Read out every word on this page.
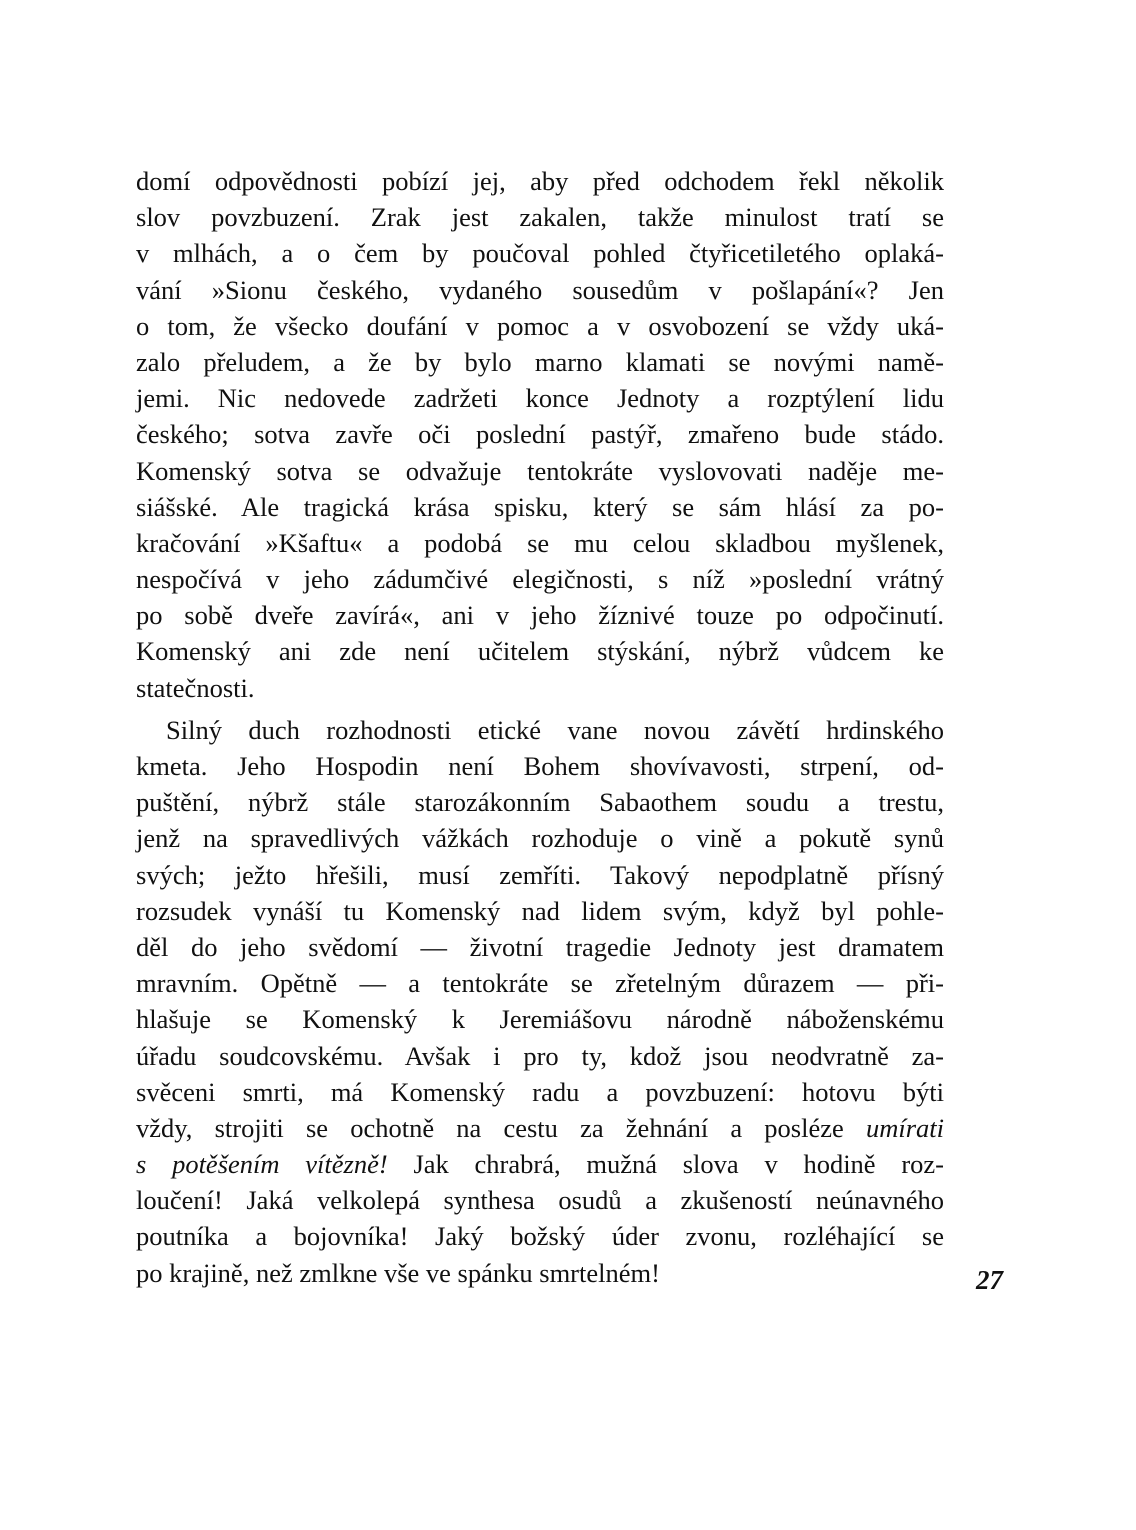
domí odpovědnosti pobízí jej, aby před odchodem řekl několik
slov povzbuzení. Zrak jest zakalen, takže minulost tratí se
v mlhách, a o čem by poučoval pohled čtyřicetiletého oplaká-
vání »Sionu českého, vydaného sousedům v pošlapání«? Jen
o tom, že všecko doufání v pomoc a v osvobození se vždy uká-
zalo přeludem, a že by bylo marno klamati se novými namě-
jemi. Nic nedovede zadržeti konce Jednoty a rozptýlení lidu
českého; sotva zavře oči poslední pastýř, zmařeno bude stádo.
Komenský sotva se odvažuje tentokráte vyslovovati naděje me-
siášské. Ale tragická krása spisku, který se sám hlásí za po-
kračování »Kšaftu« a podobá se mu celou skladbou myšlenek,
nespočívá v jeho zádumčivé elegičnosti, s níž »poslední vrátný
po sobě dveře zavírá«, ani v jeho žíznivé touze po odpočinutí.
Komenský ani zde není učitelem stýskání, nýbrž vůdcem ke
statečnosti.
Silný duch rozhodnosti etické vane novou závětí hrdinského
kmeta. Jeho Hospodin není Bohem shovívavosti, strpení, od-
puštění, nýbrž stále starozákonním Sabaothem soudu a trestu,
jenž na spravedlivých vážkách rozhoduje o vině a pokutě synů
svých; ježto hřešili, musí zemříti. Takový nepodplatně přísný
rozsudek vynáší tu Komenský nad lidem svým, když byl pohle-
děl do jeho svědomí — životní tragedie Jednoty jest dramatem
mravním. Opětně — a tentokráte se zřetelným důrazem — při-
hlašuje se Komenský k Jeremiášovu národně náboženskému
úřadu soudcovskému. Avšak i pro ty, kdož jsou neodvratně za-
svěceni smrti, má Komenský radu a povzbuzení: hotovu býti
vždy, strojiti se ochotně na cestu za žehnání a posléze umírati
s potěšením vítězně! Jak chrabrá, mužná slova v hodině roz-
loučení! Jaká velkolepá synthesa osudů a zkušeností neúnavného
poutníka a bojovníka! Jaký božský úder zvonu, rozléhající se
po krajině, než zmlkne vše ve spánku smrtelném!	27
